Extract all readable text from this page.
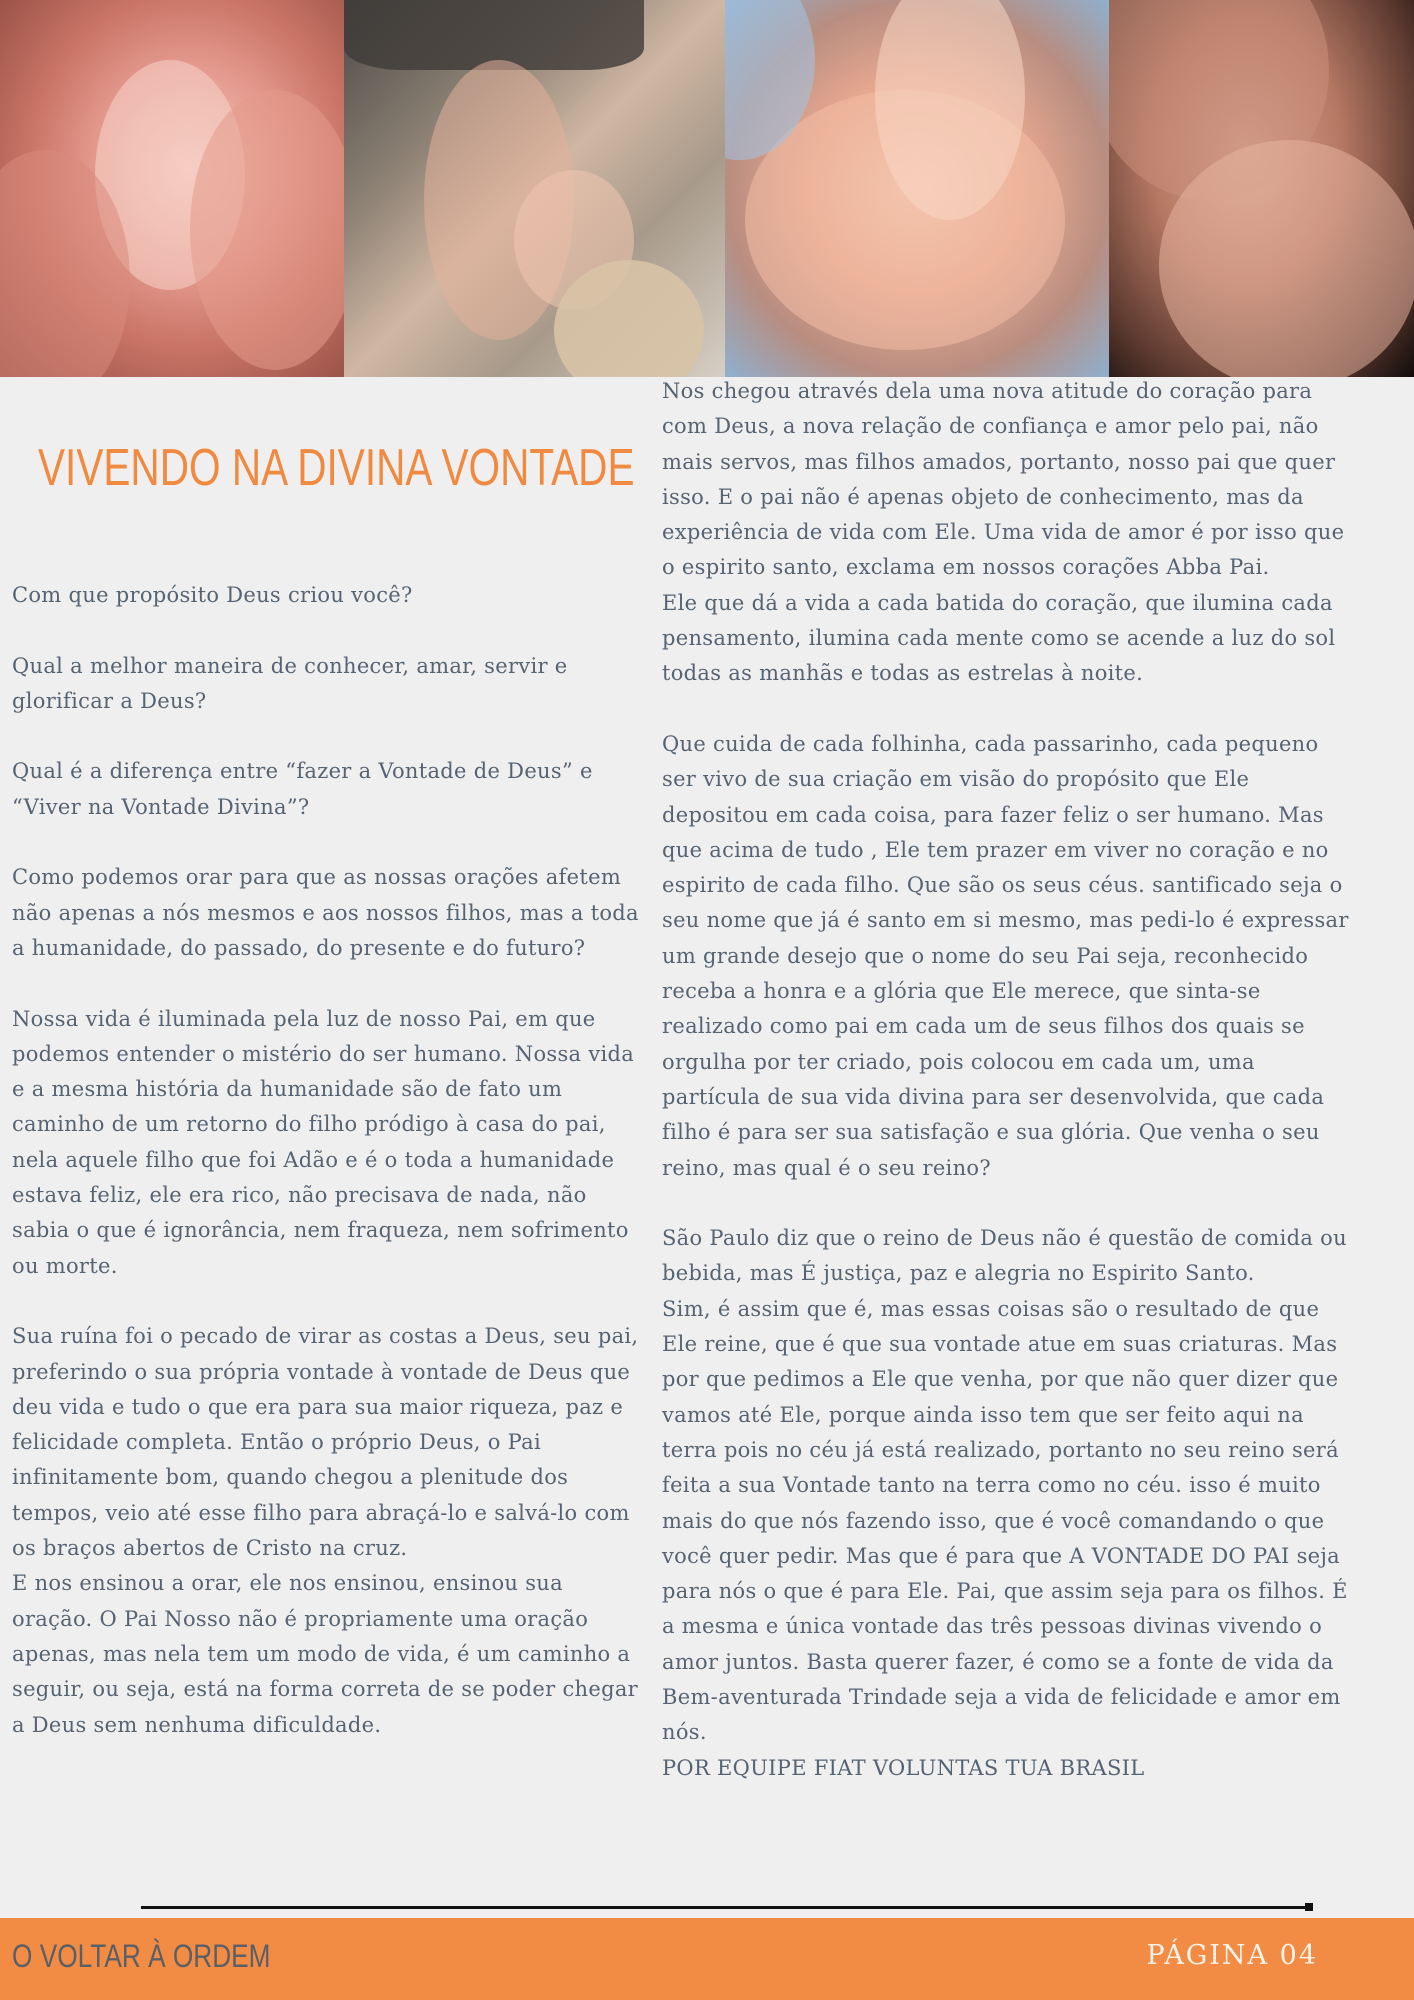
VIVENDO NA DIVINA VONTADE

Com que propósito Deus criou você?

Qual a melhor maneira de conhecer, amar, servir e glorificar a Deus?

Qual é a diferença entre “fazer a Vontade de Deus” e “Viver na Vontade Divina”?

Como podemos orar para que as nossas orações afetem não apenas a nós mesmos e aos nossos filhos, mas a toda a humanidade, do passado, do presente e do futuro?

Nossa vida é iluminada pela luz de nosso Pai, em que podemos entender o mistério do ser humano. Nossa vida e a mesma história da humanidade são de fato um caminho de um retorno do filho pródigo à casa do pai, nela aquele filho que foi Adão e é o toda a humanidade estava feliz, ele era rico, não precisava de nada, não sabia o que é ignorância, nem fraqueza, nem sofrimento ou morte.

Sua ruína foi o pecado de virar as costas a Deus, seu pai, preferindo o sua própria vontade à vontade de Deus que deu vida e tudo o que era para sua maior riqueza, paz e felicidade completa. Então o próprio Deus, o Pai infinitamente bom, quando chegou a plenitude dos tempos, veio até esse filho para abraçá-lo e salvá-lo com os braços abertos de Cristo na cruz.

E nos ensinou a orar, ele nos ensinou, ensinou sua oração. O Pai Nosso não é propriamente uma oração apenas, mas nela tem um modo de vida, é um caminho a seguir, ou seja, está na forma correta de se poder chegar a Deus sem nenhuma dificuldade.

Nos chegou através dela uma nova atitude do coração para com Deus, a nova relação de confiança e amor pelo pai, não mais servos, mas filhos amados, portanto, nosso pai que quer isso. E o pai não é apenas objeto de conhecimento, mas da experiência de vida com Ele. Uma vida de amor é por isso que o espirito santo, exclama em nossos corações Abba Pai.

Ele que dá a vida a cada batida do coração, que ilumina cada pensamento, ilumina cada mente como se acende a luz do sol todas as manhãs e todas as estrelas à noite.

Que cuida de cada folhinha, cada passarinho, cada pequeno ser vivo de sua criação em visão do propósito que Ele depositou em cada coisa, para fazer feliz o ser humano. Mas que acima de tudo , Ele tem prazer em viver no coração e no espirito de cada filho. Que são os seus céus. santificado seja o seu nome que já é santo em si mesmo, mas pedi-lo é expressar um grande desejo que o nome do seu Pai seja, reconhecido receba a honra e a glória que Ele merece, que sinta-se realizado como pai em cada um de seus filhos dos quais se orgulha por ter criado, pois colocou em cada um, uma partícula de sua vida divina para ser desenvolvida, que cada filho é para ser sua satisfação e sua glória. Que venha o seu reino, mas qual é o seu reino?

São Paulo diz que o reino de Deus não é questão de comida ou bebida, mas É justiça, paz e alegria no Espirito Santo.

Sim, é assim que é, mas essas coisas são o resultado de que Ele reine, que é que sua vontade atue em suas criaturas. Mas por que pedimos a Ele que venha, por que não quer dizer que vamos até Ele, porque ainda isso tem que ser feito aqui na terra pois no céu já está realizado, portanto no seu reino será feita a sua Vontade tanto na terra como no céu. isso é muito mais do que nós fazendo isso, que é você comandando o que você quer pedir. Mas que é para que A VONTADE DO PAI seja para nós o que é para Ele. Pai, que assim seja para os filhos. É a mesma e única vontade das três pessoas divinas vivendo o amor juntos. Basta querer fazer, é como se a fonte de vida da Bem-aventurada Trindade seja a vida de felicidade e amor em nós.

POR EQUIPE FIAT VOLUNTAS TUA BRASIL

O VOLTAR À ORDEM	PÁGINA 04
